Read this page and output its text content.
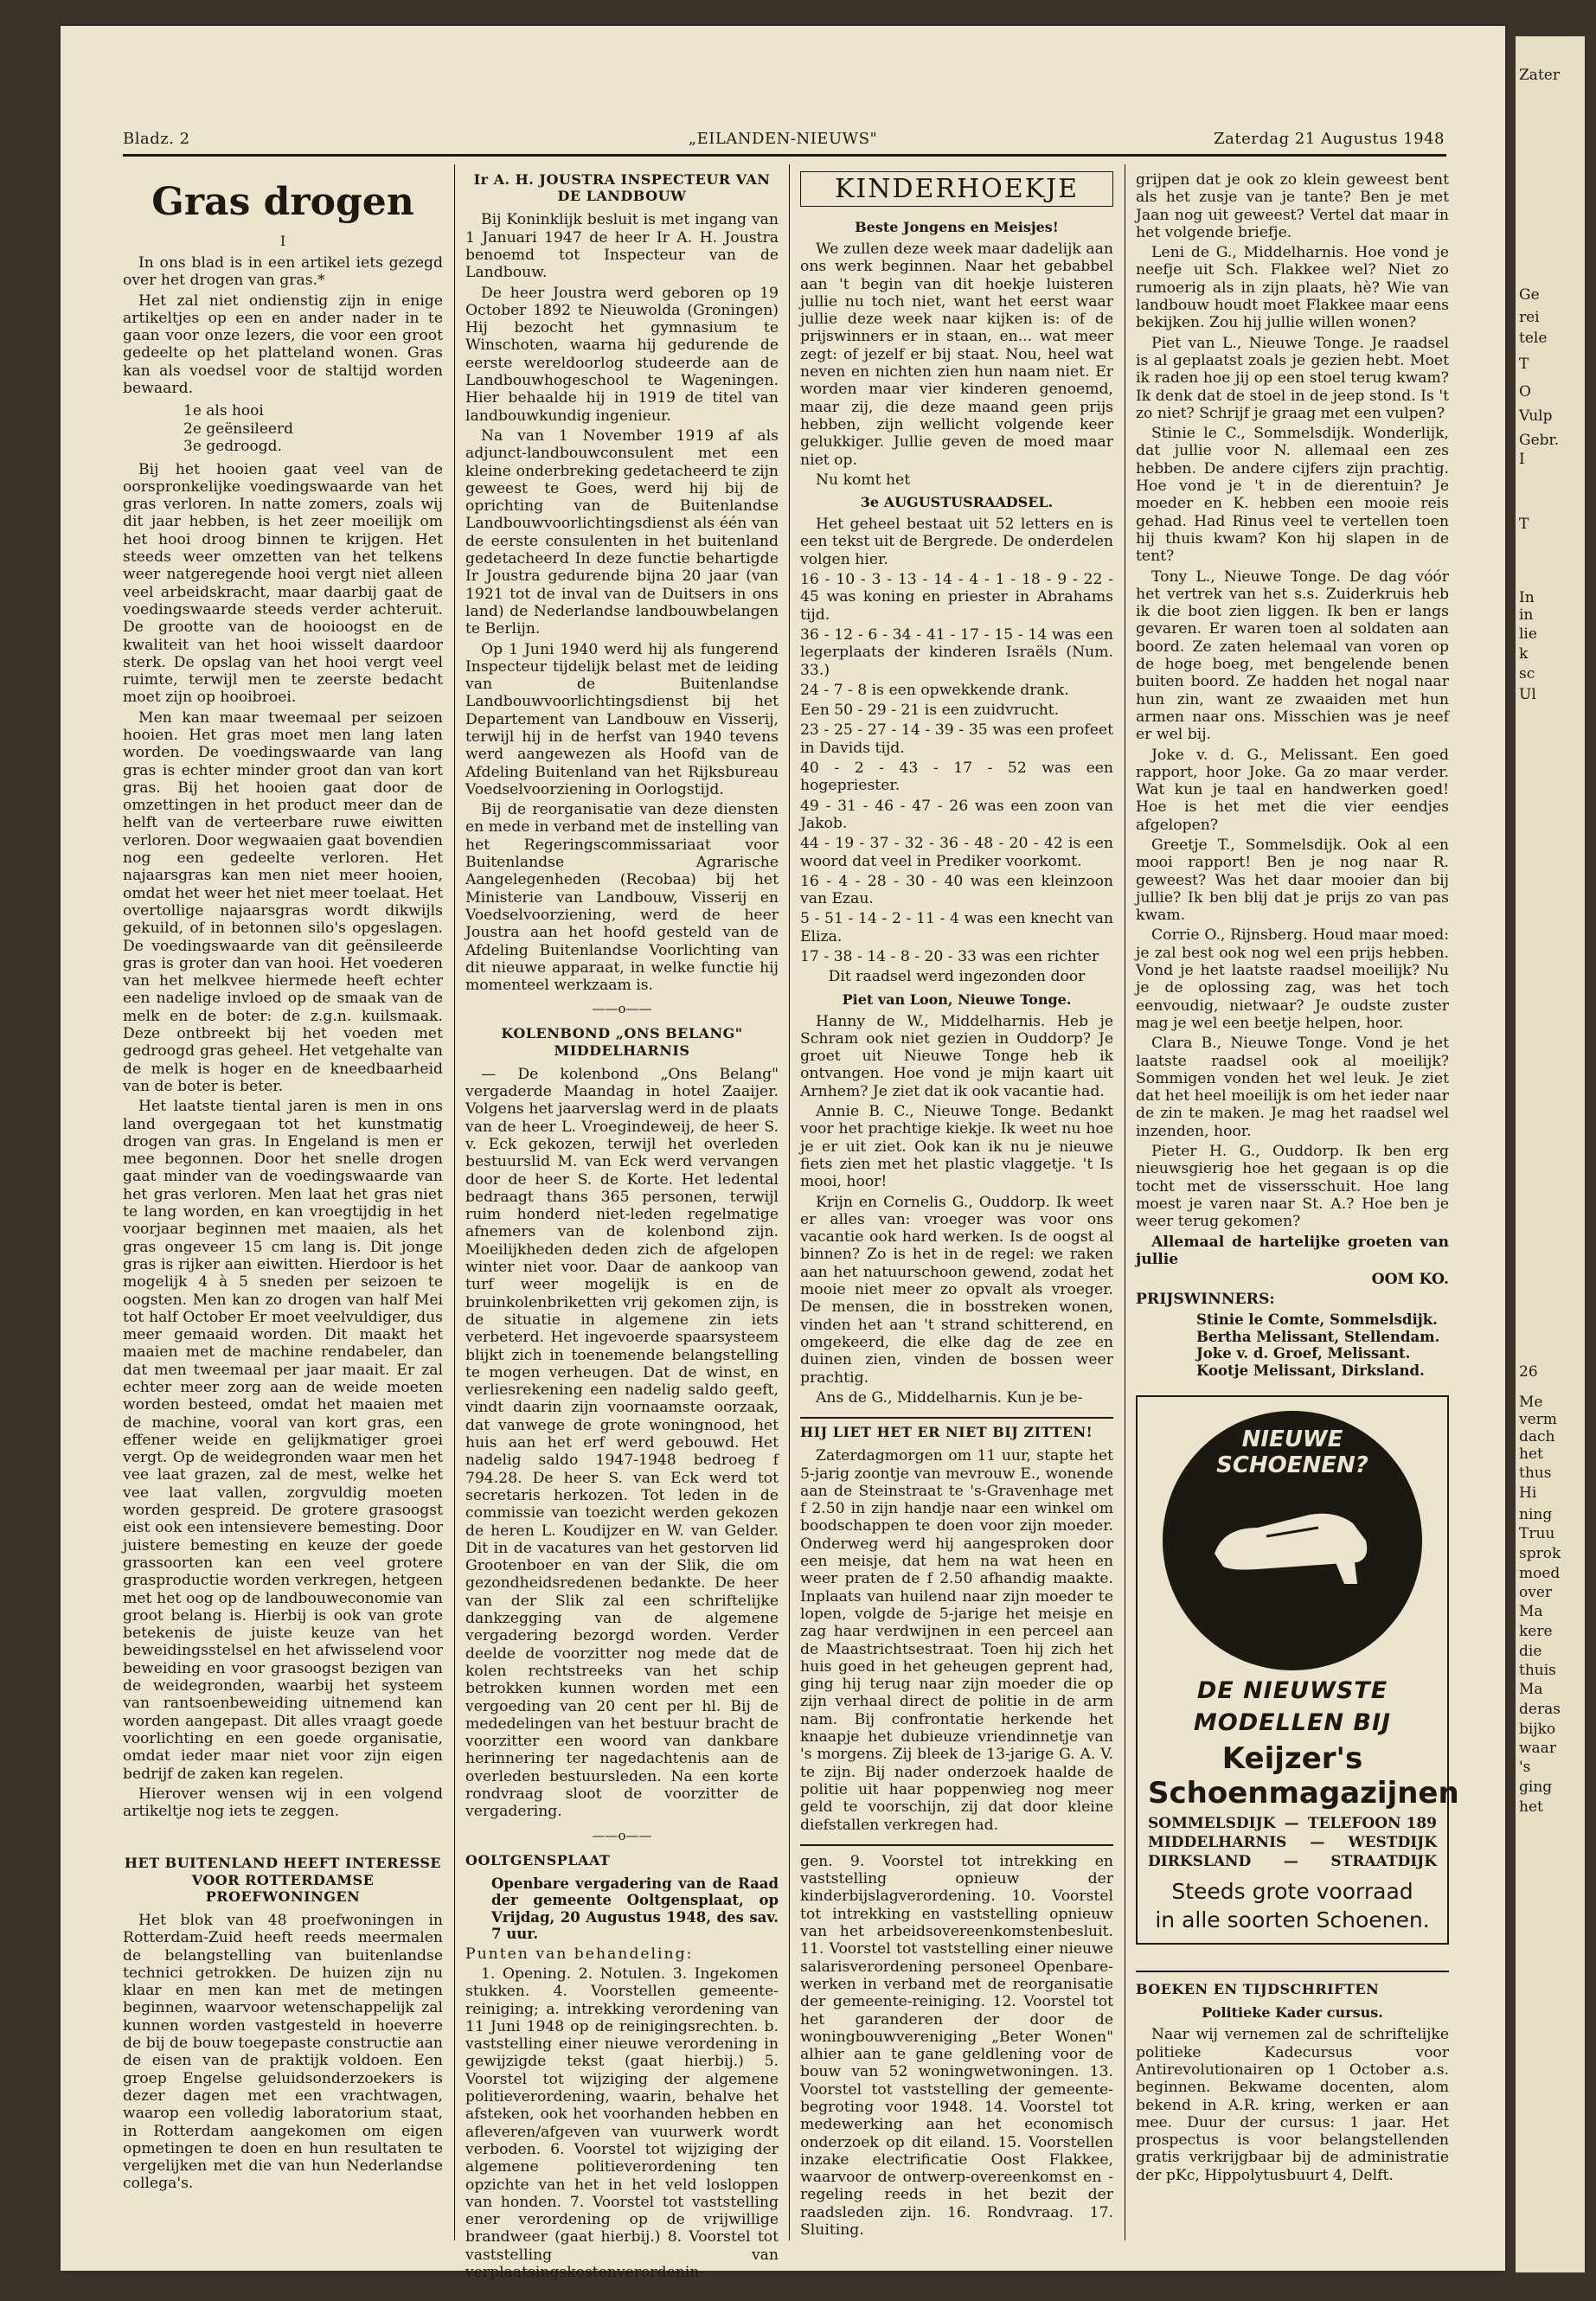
Bladz. 2	„EILANDEN-NIEUWS"	Zaterdag 21 Augustus 1948
Gras drogen
I

In ons blad is in een artikel iets gezegd over het drogen van gras.*

Het zal niet ondienstig zijn in enige artikeltjes op een en ander nader in te gaan voor onze lezers, die voor een groot gedeelte op het platteland wonen. Gras kan als voedsel voor de staltijd worden bewaard.

1e als hooi
2e geënsileerd
3e gedroogd.

Bij het hooien gaat veel van de oorspronkelijke voedingswaarde van het gras verloren. In natte zomers, zoals wij dit jaar hebben, is het zeer moeilijk om het hooi droog binnen te krijgen. Het steeds weer omzetten van het telkens weer natgeregende hooi vergt niet alleen veel arbeidskracht, maar daarbij gaat de voedingswaarde steeds verder achteruit. De grootte van de hooioogst en de kwaliteit van het hooi wisselt daardoor sterk. De opslag van het hooi vergt veel ruimte, terwijl men te zeerste bedacht moet zijn op hooibroei.

Men kan maar tweemaal per seizoen hooien. Het gras moet men lang laten worden. De voedingswaarde van lang gras is echter minder groot dan van kort gras. Bij het hooien gaat door de omzettingen in het product meer dan de helft van de verteerbare ruwe eiwitten verloren. Door wegwaaien gaat bovendien nog een gedeelte verloren. Het najaarsgras kan men niet meer hooien, omdat het weer het niet meer toelaat. Het overtollige najaarsgras wordt dikwijls gekuild, of in betonnen silo's opgeslagen. De voedingswaarde van dit geënsileerde gras is groter dan van hooi. Het voederen van het melkvee hiermede heeft echter een nadelige invloed op de smaak van de melk en de boter: de z.g.n. kuilsmaak. Deze ontbreekt bij het voeden met gedroogd gras geheel. Het vetgehalte van de melk is hoger en de kneedbaarheid van de boter is beter.

Het laatste tiental jaren is men in ons land overgegaan tot het kunstmatig drogen van gras. In Engeland is men er mee begonnen. Door het snelle drogen gaat minder van de voedingswaarde van het gras verloren. Men laat het gras niet te lang worden, en kan vroegtijdig in het voorjaar beginnen met maaien, als het gras ongeveer 15 cm lang is. Dit jonge gras is rijker aan eiwitten. Hierdoor is het mogelijk 4 à 5 sneden per seizoen te oogsten. Men kan zo drogen van half Mei tot half October Er moet veelvuldiger, dus meer gemaaid worden. Dit maakt het maaien met de machine rendabeler, dan dat men tweemaal per jaar maait. Er zal echter meer zorg aan de weide moeten worden besteed, omdat het maaien met de machine, vooral van kort gras, een effener weide en gelijkmatiger groei vergt. Op de weidegronden waar men het vee laat grazen, zal de mest, welke het vee laat vallen, zorgvuldig moeten worden gespreid. De grotere grasoogst eist ook een intensievere bemesting. Door juistere bemesting en keuze der goede grassoorten kan een veel grotere grasproductie worden verkregen, hetgeen met het oog op de landbouweconomie van groot belang is. Hierbij is ook van grote betekenis de juiste keuze van het beweidingsstelsel en het afwisselend voor beweiding en voor grasoogst bezigen van de weidegronden, waarbij het systeem van rantsoenbeweiding uitnemend kan worden aangepast. Dit alles vraagt goede voorlichting en een goede organisatie, omdat ieder maar niet voor zijn eigen bedrijf de zaken kan regelen.

Hierover wensen wij in een volgend artikeltje nog iets te zeggen.

HET BUITENLAND HEEFT INTERESSE VOOR ROTTERDAMSE PROEFWONINGEN

Het blok van 48 proefwoningen in Rotterdam-Zuid heeft reeds meermalen de belangstelling van buitenlandse technici getrokken. De huizen zijn nu klaar en men kan met de metingen beginnen, waarvoor wetenschappelijk zal kunnen worden vastgesteld in hoeverre de bij de bouw toegepaste constructie aan de eisen van de praktijk voldoen. Een groep Engelse geluidsonderzoekers is dezer dagen met een vrachtwagen, waarop een volledig laboratorium staat, in Rotterdam aangekomen om eigen opmetingen te doen en hun resultaten te vergelijken met die van hun Nederlandse collega's.

Ir A. H. JOUSTRA INSPECTEUR VAN DE LANDBOUW

Bij Koninklijk besluit is met ingang van 1 Januari 1947 de heer Ir A. H. Joustra benoemd tot Inspecteur van de Landbouw.

De heer Joustra werd geboren op 19 October 1892 te Nieuwolda (Groningen) Hij bezocht het gymnasium te Winschoten, waarna hij gedurende de eerste wereldoorlog studeerde aan de Landbouwhogeschool te Wageningen. Hier behaalde hij in 1919 de titel van landbouwkundig ingenieur.

Na van 1 November 1919 af als adjunct-landbouwconsulent met een kleine onderbreking gedetacheerd te zijn geweest te Goes, werd hij bij de oprichting van de Buitenlandse Landbouwvoorlichtingsdienst als één van de eerste consulenten in het buitenland gedetacheerd In deze functie behartigde Ir Joustra gedurende bijna 20 jaar (van 1921 tot de inval van de Duitsers in ons land) de Nederlandse landbouwbelangen te Berlijn.

Op 1 Juni 1940 werd hij als fungerend Inspecteur tijdelijk belast met de leiding van de Buitenlandse Landbouwvoorlichtingsdienst bij het Departement van Landbouw en Visserij, terwijl hij in de herfst van 1940 tevens werd aangewezen als Hoofd van de Afdeling Buitenland van het Rijksbureau Voedselvoorziening in Oorlogstijd.

Bij de reorganisatie van deze diensten en mede in verband met de instelling van het Regeringscommissariaat voor Buitenlandse Agrarische Aangelegenheden (Recobaa) bij het Ministerie van Landbouw, Visserij en Voedselvoorziening, werd de heer Joustra aan het hoofd gesteld van de Afdeling Buitenlandse Voorlichting van dit nieuwe apparaat, in welke functie hij momenteel werkzaam is.

——o——
KOLENBOND „ONS BELANG" MIDDELHARNIS

— De kolenbond „Ons Belang" vergaderde Maandag in hotel Zaaijer. Volgens het jaarverslag werd in de plaats van de heer L. Vroegindeweij, de heer S. v. Eck gekozen, terwijl het overleden bestuurslid M. van Eck werd vervangen door de heer S. de Korte. Het ledental bedraagt thans 365 personen, terwijl ruim honderd niet-leden regelmatige afnemers van de kolenbond zijn. Moeilijkheden deden zich de afgelopen winter niet voor. Daar de aankoop van turf weer mogelijk is en de bruinkolenbriketten vrij gekomen zijn, is de situatie in algemene zin iets verbeterd. Het ingevoerde spaarsysteem blijkt zich in toenemende belangstelling te mogen verheugen. Dat de winst, en verliesrekening een nadelig saldo geeft, vindt daarin zijn voornaamste oorzaak, dat vanwege de grote woningnood, het huis aan het erf werd gebouwd. Het nadelig saldo 1947-1948 bedroeg f 794.28. De heer S. van Eck werd tot secretaris herkozen. Tot leden in de commissie van toezicht werden gekozen de heren L. Koudijzer en W. van Gelder. Dit in de vacatures van het gestorven lid Grootenboer en van der Slik, die om gezondheidsredenen bedankte. De heer van der Slik zal een schriftelijke dankzegging van de algemene vergadering bezorgd worden. Verder deelde de voorzitter nog mede dat de kolen rechtstreeks van het schip betrokken kunnen worden met een vergoeding van 20 cent per hl. Bij de mededelingen van het bestuur bracht de voorzitter een woord van dankbare herinnering ter nagedachtenis aan de overleden bestuursleden. Na een korte rondvraag sloot de voorzitter de vergadering.

——o——
OOLTGENSPLAAT

Openbare vergadering van de Raad der gemeente Ooltgensplaat, op Vrijdag, 20 Augustus 1948, des sav. 7 uur.

Punten van behandeling:

1. Opening. 2. Notulen. 3. Ingekomen stukken. 4. Voorstellen gemeente-reiniging; a. intrekking verordening van 11 Juni 1948 op de reinigingsrechten. b. vaststelling einer nieuwe verordening in gewijzigde tekst (gaat hierbij.) 5. Voorstel tot wijziging der algemene politieverordening, waarin, behalve het afsteken, ook het voorhanden hebben en afleveren/afgeven van vuurwerk wordt verboden. 6. Voorstel tot wijziging der algemene politieverordening ten opzichte van het in het veld losloppen van honden. 7. Voorstel tot vaststelling ener verordening op de vrijwillige brandweer (gaat hierbij.) 8. Voorstel tot vaststelling van verplaatsingskostenverordenin-

KINDERHOEKJE
Beste Jongens en Meisjes!

We zullen deze week maar dadelijk aan ons werk beginnen. Naar het gebabbel aan 't begin van dit hoekje luisteren jullie nu toch niet, want het eerst waar jullie deze week naar kijken is: of de prijswinners er in staan, en... wat meer zegt: of jezelf er bij staat. Nou, heel wat neven en nichten zien hun naam niet. Er worden maar vier kinderen genoemd, maar zij, die deze maand geen prijs hebben, zijn wellicht volgende keer gelukkiger. Jullie geven de moed maar niet op.

Nu komt het

3e AUGUSTUSRAADSEL.

Het geheel bestaat uit 52 letters en is een tekst uit de Bergrede. De onderdelen volgen hier.

16 - 10 - 3 - 13 - 14 - 4 - 1 - 18 - 9 - 22 - 45 was koning en priester in Abrahams tijd.

36 - 12 - 6 - 34 - 41 - 17 - 15 - 14 was een legerplaats der kinderen Israëls (Num. 33.)

24 - 7 - 8 is een opwekkende drank.

Een 50 - 29 - 21 is een zuidvrucht.

23 - 25 - 27 - 14 - 39 - 35 was een profeet in Davids tijd.

40 - 2 - 43 - 17 - 52 was een hogepriester.

49 - 31 - 46 - 47 - 26 was een zoon van Jakob.

44 - 19 - 37 - 32 - 36 - 48 - 20 - 42 is een woord dat veel in Prediker voorkomt.

16 - 4 - 28 - 30 - 40 was een kleinzoon van Ezau.

5 - 51 - 14 - 2 - 11 - 4 was een knecht van Eliza.

17 - 38 - 14 - 8 - 20 - 33 was een richter

Dit raadsel werd ingezonden door

Piet van Loon, Nieuwe Tonge.

Hanny de W., Middelharnis. Heb je Schram ook niet gezien in Ouddorp? Je groet uit Nieuwe Tonge heb ik ontvangen. Hoe vond je mijn kaart uit Arnhem? Je ziet dat ik ook vacantie had.

Annie B. C., Nieuwe Tonge. Bedankt voor het prachtige kiekje. Ik weet nu hoe je er uit ziet. Ook kan ik nu je nieuwe fiets zien met het plastic vlaggetje. 't Is mooi, hoor!

Krijn en Cornelis G., Ouddorp. Ik weet er alles van: vroeger was voor ons vacantie ook hard werken. Is de oogst al binnen? Zo is het in de regel: we raken aan het natuurschoon gewend, zodat het mooie niet meer zo opvalt als vroeger. De mensen, die in bosstreken wonen, vinden het aan 't strand schitterend, en omgekeerd, die elke dag de zee en duinen zien, vinden de bossen weer prachtig.

Ans de G., Middelharnis. Kun je be-

HIJ LIET HET ER NIET BIJ ZITTEN!

Zaterdagmorgen om 11 uur, stapte het 5-jarig zoontje van mevrouw E., wonende aan de Steinstraat te 's-Gravenhage met f 2.50 in zijn handje naar een winkel om boodschappen te doen voor zijn moeder. Onderweg werd hij aangesproken door een meisje, dat hem na wat heen en weer praten de f 2.50 afhandig maakte. Inplaats van huilend naar zijn moeder te lopen, volgde de 5-jarige het meisje en zag haar verdwijnen in een perceel aan de Maastrichtsestraat. Toen hij zich het huis goed in het geheugen geprent had, ging hij terug naar zijn moeder die op zijn verhaal direct de politie in de arm nam. Bij confrontatie herkende het knaapje het dubieuze vriendinnetje van 's morgens. Zij bleek de 13-jarige G. A. V. te zijn. Bij nader onderzoek haalde de politie uit haar poppenwieg nog meer geld te voorschijn, zij dat door kleine diefstallen verkregen had.

gen. 9. Voorstel tot intrekking en vaststelling opnieuw der kinderbijslagverordening. 10. Voorstel tot intrekking en vaststelling opnieuw van het arbeidsovereenkomstenbesluit. 11. Voorstel tot vaststelling einer nieuwe salarisverordening personeel Openbare-werken in verband met de reorganisatie der gemeente-reiniging. 12. Voorstel tot het garanderen der door de woningbouwvereniging „Beter Wonen" alhier aan te gane geldlening voor de bouw van 52 woningwetwoningen. 13. Voorstel tot vaststelling der gemeente-begroting voor 1948. 14. Voorstel tot medewerking aan het economisch onderzoek op dit eiland. 15. Voorstellen inzake electrificatie Oost Flakkee, waarvoor de ontwerp-overeenkomst en -regeling reeds in het bezit der raadsleden zijn. 16. Rondvraag. 17. Sluiting.

grijpen dat je ook zo klein geweest bent als het zusje van je tante? Ben je met Jaan nog uit geweest? Vertel dat maar in het volgende briefje.

Leni de G., Middelharnis. Hoe vond je neefje uit Sch. Flakkee wel? Niet zo rumoerig als in zijn plaats, hè? Wie van landbouw houdt moet Flakkee maar eens bekijken. Zou hij jullie willen wonen?

Piet van L., Nieuwe Tonge. Je raadsel is al geplaatst zoals je gezien hebt. Moet ik raden hoe jij op een stoel terug kwam? Ik denk dat de stoel in de jeep stond. Is 't zo niet? Schrijf je graag met een vulpen?

Stinie le C., Sommelsdijk. Wonderlijk, dat jullie voor N. allemaal een zes hebben. De andere cijfers zijn prachtig. Hoe vond je 't in de dierentuin? Je moeder en K. hebben een mooie reis gehad. Had Rinus veel te vertellen toen hij thuis kwam? Kon hij slapen in de tent?

Tony L., Nieuwe Tonge. De dag vóór het vertrek van het s.s. Zuiderkruis heb ik die boot zien liggen. Ik ben er langs gevaren. Er waren toen al soldaten aan boord. Ze zaten helemaal van voren op de hoge boeg, met bengelende benen buiten boord. Ze hadden het nogal naar hun zin, want ze zwaaiden met hun armen naar ons. Misschien was je neef er wel bij.

Joke v. d. G., Melissant. Een goed rapport, hoor Joke. Ga zo maar verder. Wat kun je taal en handwerken goed! Hoe is het met die vier eendjes afgelopen?

Greetje T., Sommelsdijk. Ook al een mooi rapport! Ben je nog naar R. geweest? Was het daar mooier dan bij jullie? Ik ben blij dat je prijs zo van pas kwam.

Corrie O., Rijnsberg. Houd maar moed: je zal best ook nog wel een prijs hebben. Vond je het laatste raadsel moeilijk? Nu je de oplossing zag, was het toch eenvoudig, nietwaar? Je oudste zuster mag je wel een beetje helpen, hoor.

Clara B., Nieuwe Tonge. Vond je het laatste raadsel ook al moeilijk? Sommigen vonden het wel leuk. Je ziet dat het heel moeilijk is om het ieder naar de zin te maken. Je mag het raadsel wel inzenden, hoor.

Pieter H. G., Ouddorp. Ik ben erg nieuwsgierig hoe het gegaan is op die tocht met de vissersschuit. Hoe lang moest je varen naar St. A.? Hoe ben je weer terug gekomen?

Allemaal de hartelijke groeten van jullie

OOM KO.

PRIJSWINNERS:

Stinie le Comte, Sommelsdijk.
Bertha Melissant, Stellendam.
Joke v. d. Groef, Melissant.
Kootje Melissant, Dirksland.
NIEUWE SCHOENEN?
DE NIEUWSTE
MODELLEN BIJ
Keijzer's Schoenmagazijnen
SOMMELSDIJK — TELEFOON 189
MIDDELHARNIS — WESTDIJK
DIRKSLAND — STRAATDIJK
Steeds grote voorraad
in alle soorten Schoenen.
BOEKEN EN TIJDSCHRIFTEN
Politieke Kader cursus.

Naar wij vernemen zal de schriftelijke politieke Kadecursus voor Antirevolutionairen op 1 October a.s. beginnen. Bekwame docenten, alom bekend in A.R. kring, werken er aan mee. Duur der cursus: 1 jaar. Het prospectus is voor belangstellenden gratis verkrijgbaar bij de administratie der pKc, Hippolytusbuurt 4, Delft.

Zater
Ge
rei
tele
T
O
Vulp
Gebr.
I
T
In
in
lie
k
sc
Ul
26
Me
verm
dach
het
thus
Hi
ning
Truu
sprok
moed
over
Ma
kere
die
thuis
Ma
deras
bijko
waar
's
ging
het
